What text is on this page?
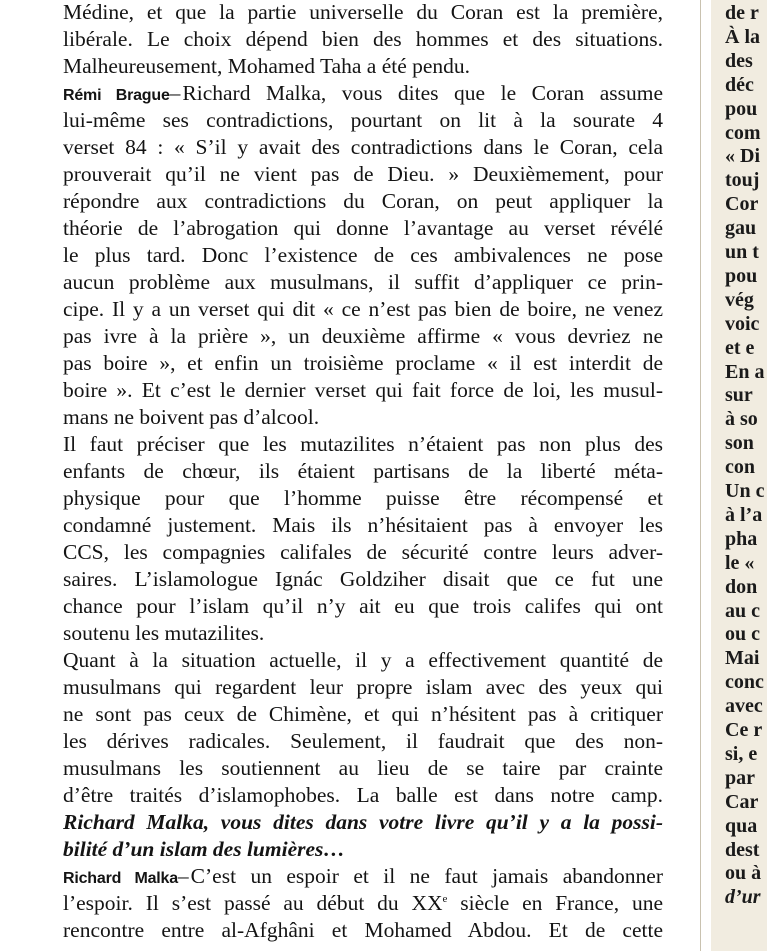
Médine, et que la partie universelle du Coran est la première,
libérale. Le choix dépend bien des hommes et des situations.
Malheureusement, Mohamed Taha a été pendu.
Rémi Brague–Richard Malka, vous dites que le Coran assume
lui-même ses contradictions, pourtant on lit à la sourate 4
verset 84 : « S’il y avait des contradictions dans le Coran, cela
prouverait qu’il ne vient pas de Dieu. » Deuxièmement, pour
répondre aux contradictions du Coran, on peut appliquer la
théorie de l’abrogation qui donne l’avantage au verset révélé
le plus tard. Donc l’existence de ces ambivalences ne pose
aucun problème aux musulmans, il suffit d’appliquer ce prin-
cipe. Il y a un verset qui dit « ce n’est pas bien de boire, ne venez
pas ivre à la prière », un deuxième affirme « vous devriez ne
pas boire », et enfin un troisième proclame « il est interdit de
boire ». Et c’est le dernier verset qui fait force de loi, les musul-
mans ne boivent pas d’alcool.
Il faut préciser que les mutazilites n’étaient pas non plus des
enfants de chœur, ils étaient partisans de la liberté méta-
physique pour que l’homme puisse être récompensé et
condamné justement. Mais ils n’hésitaient pas à envoyer les
CCS, les compagnies califales de sécurité contre leurs adver-
saires. L’islamologue Ignác Goldziher disait que ce fut une
chance pour l’islam qu’il n’y ait eu que trois califes qui ont
soutenu les mutazilites.
Quant à la situation actuelle, il y a effectivement quantité de
musulmans qui regardent leur propre islam avec des yeux qui
ne sont pas ceux de Chimène, et qui n’hésitent pas à critiquer
les dérives radicales. Seulement, il faudrait que des non-
musulmans les soutiennent au lieu de se taire par crainte
d’être traités d’islamophobes. La balle est dans notre camp.
Richard Malka, vous dites dans votre livre qu’il y a la possi-
bilité d’un islam des lumières…
Richard Malka–C’est un espoir et il ne faut jamais abandonner
l’espoir. Il s’est passé au début du XXe siècle en France, une
rencontre entre al-Afghâni et Mohamed Abdou. Et de cette
de r
À la
des
déc
pou
com
« Di
touj
Cor
gau
un t
pou
vég
voic
et e
En a
sur
à so
son
con
Un c
à l’a
pha
le «
don
au c
ou c
Mai
conc
avec
Ce r
si, e
par
Car
qua
dest
ou à
d’ur
